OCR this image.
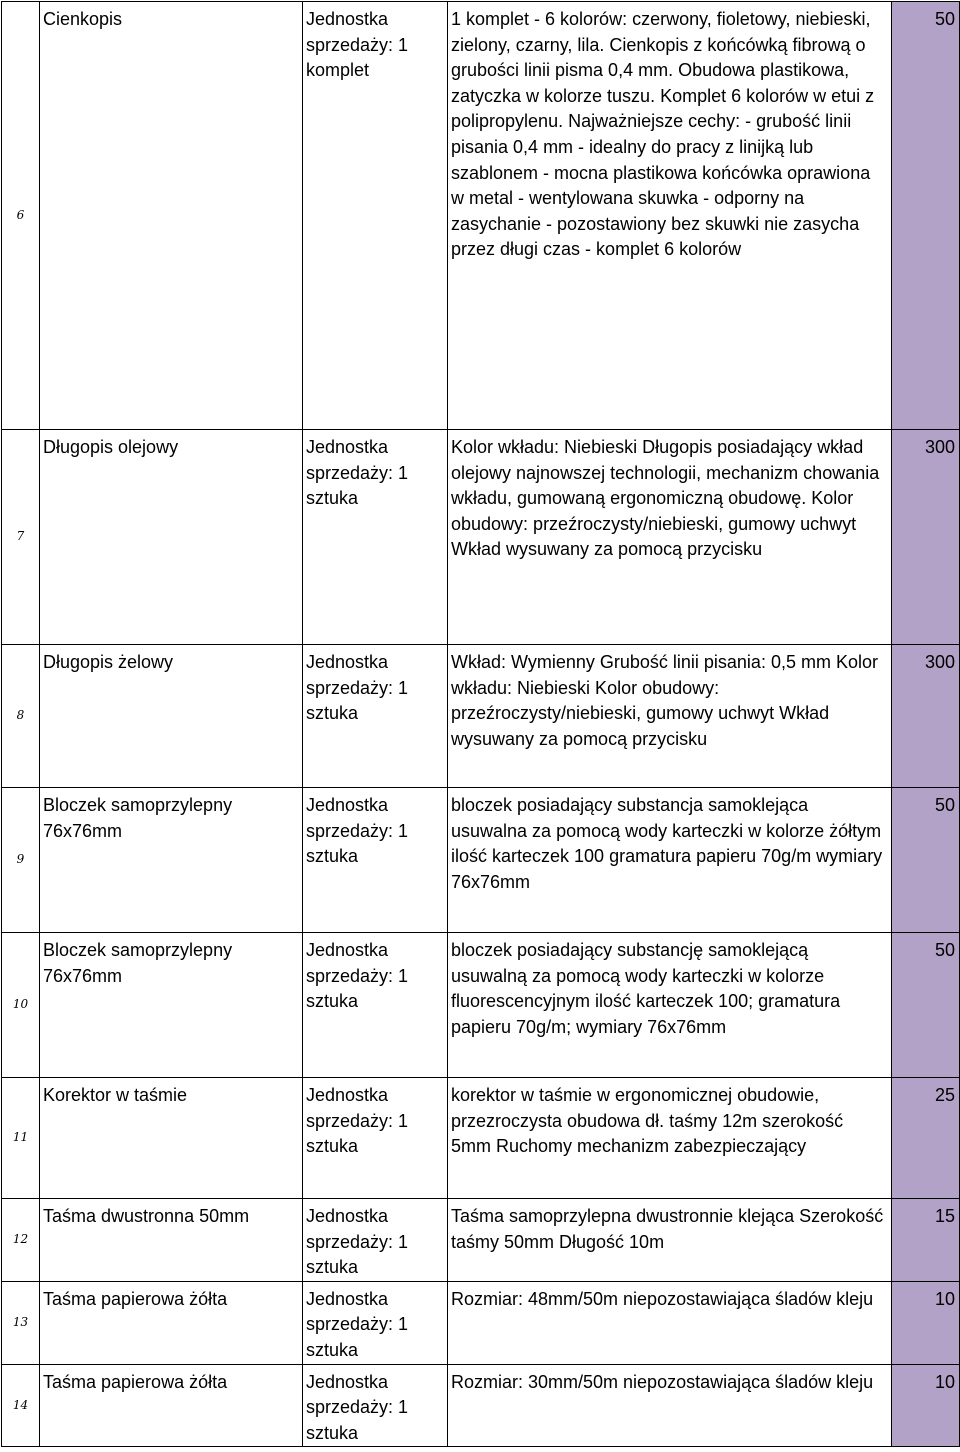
6	Cienkopis	Jednostka sprzedaży: 1 komplet	1 komplet - 6 kolorów: czerwony, fioletowy, niebieski, zielony, czarny, lila. Cienkopis z końcówką fibrową o grubości linii pisma 0,4 mm. Obudowa plastikowa, zatyczka w kolorze tuszu. Komplet 6 kolorów w etui z polipropylenu. Najważniejsze cechy: - grubość linii pisania 0,4 mm - idealny do pracy z linijką lub szablonem - mocna plastikowa końcówka oprawiona w metal - wentylowana skuwka - odporny na zasychanie - pozostawiony bez skuwki nie zasycha przez długi czas - komplet 6 kolorów	50
7	Długopis olejowy	Jednostka sprzedaży: 1 sztuka	Kolor wkładu: Niebieski Długopis posiadający wkład olejowy najnowszej technologii, mechanizm chowania wkładu, gumowaną ergonomiczną obudowę. Kolor obudowy: przeźroczysty/niebieski, gumowy uchwyt Wkład wysuwany za pomocą przycisku	300
8	Długopis żelowy	Jednostka sprzedaży: 1 sztuka	Wkład: Wymienny Grubość linii pisania: 0,5 mm Kolor wkładu: Niebieski Kolor obudowy: przeźroczysty/niebieski, gumowy uchwyt Wkład wysuwany za pomocą przycisku	300
9	Bloczek samoprzylepny 76x76mm	Jednostka sprzedaży: 1 sztuka	bloczek posiadający substancja samoklejąca usuwalna za pomocą wody karteczki w kolorze żółtym ilość karteczek 100 gramatura papieru 70g/m wymiary 76x76mm	50
10	Bloczek samoprzylepny 76x76mm	Jednostka sprzedaży: 1 sztuka	bloczek posiadający substancję samoklejącą usuwalną za pomocą wody karteczki w kolorze fluorescencyjnym ilość karteczek 100; gramatura papieru 70g/m; wymiary 76x76mm	50
11	Korektor w taśmie	Jednostka sprzedaży: 1 sztuka	korektor w taśmie w ergonomicznej obudowie, przezroczysta obudowa dł. taśmy 12m szerokość 5mm Ruchomy mechanizm zabezpieczający	25
12	Taśma dwustronna 50mm	Jednostka sprzedaży: 1 sztuka	Taśma samoprzylepna dwustronnie klejąca Szerokość taśmy 50mm Długość 10m	15
13	Taśma papierowa żółta	Jednostka sprzedaży: 1 sztuka	Rozmiar: 48mm/50m niepozostawiająca śladów kleju	10
14	Taśma papierowa żółta	Jednostka sprzedaży: 1 sztuka	Rozmiar: 30mm/50m niepozostawiająca śladów kleju	10
